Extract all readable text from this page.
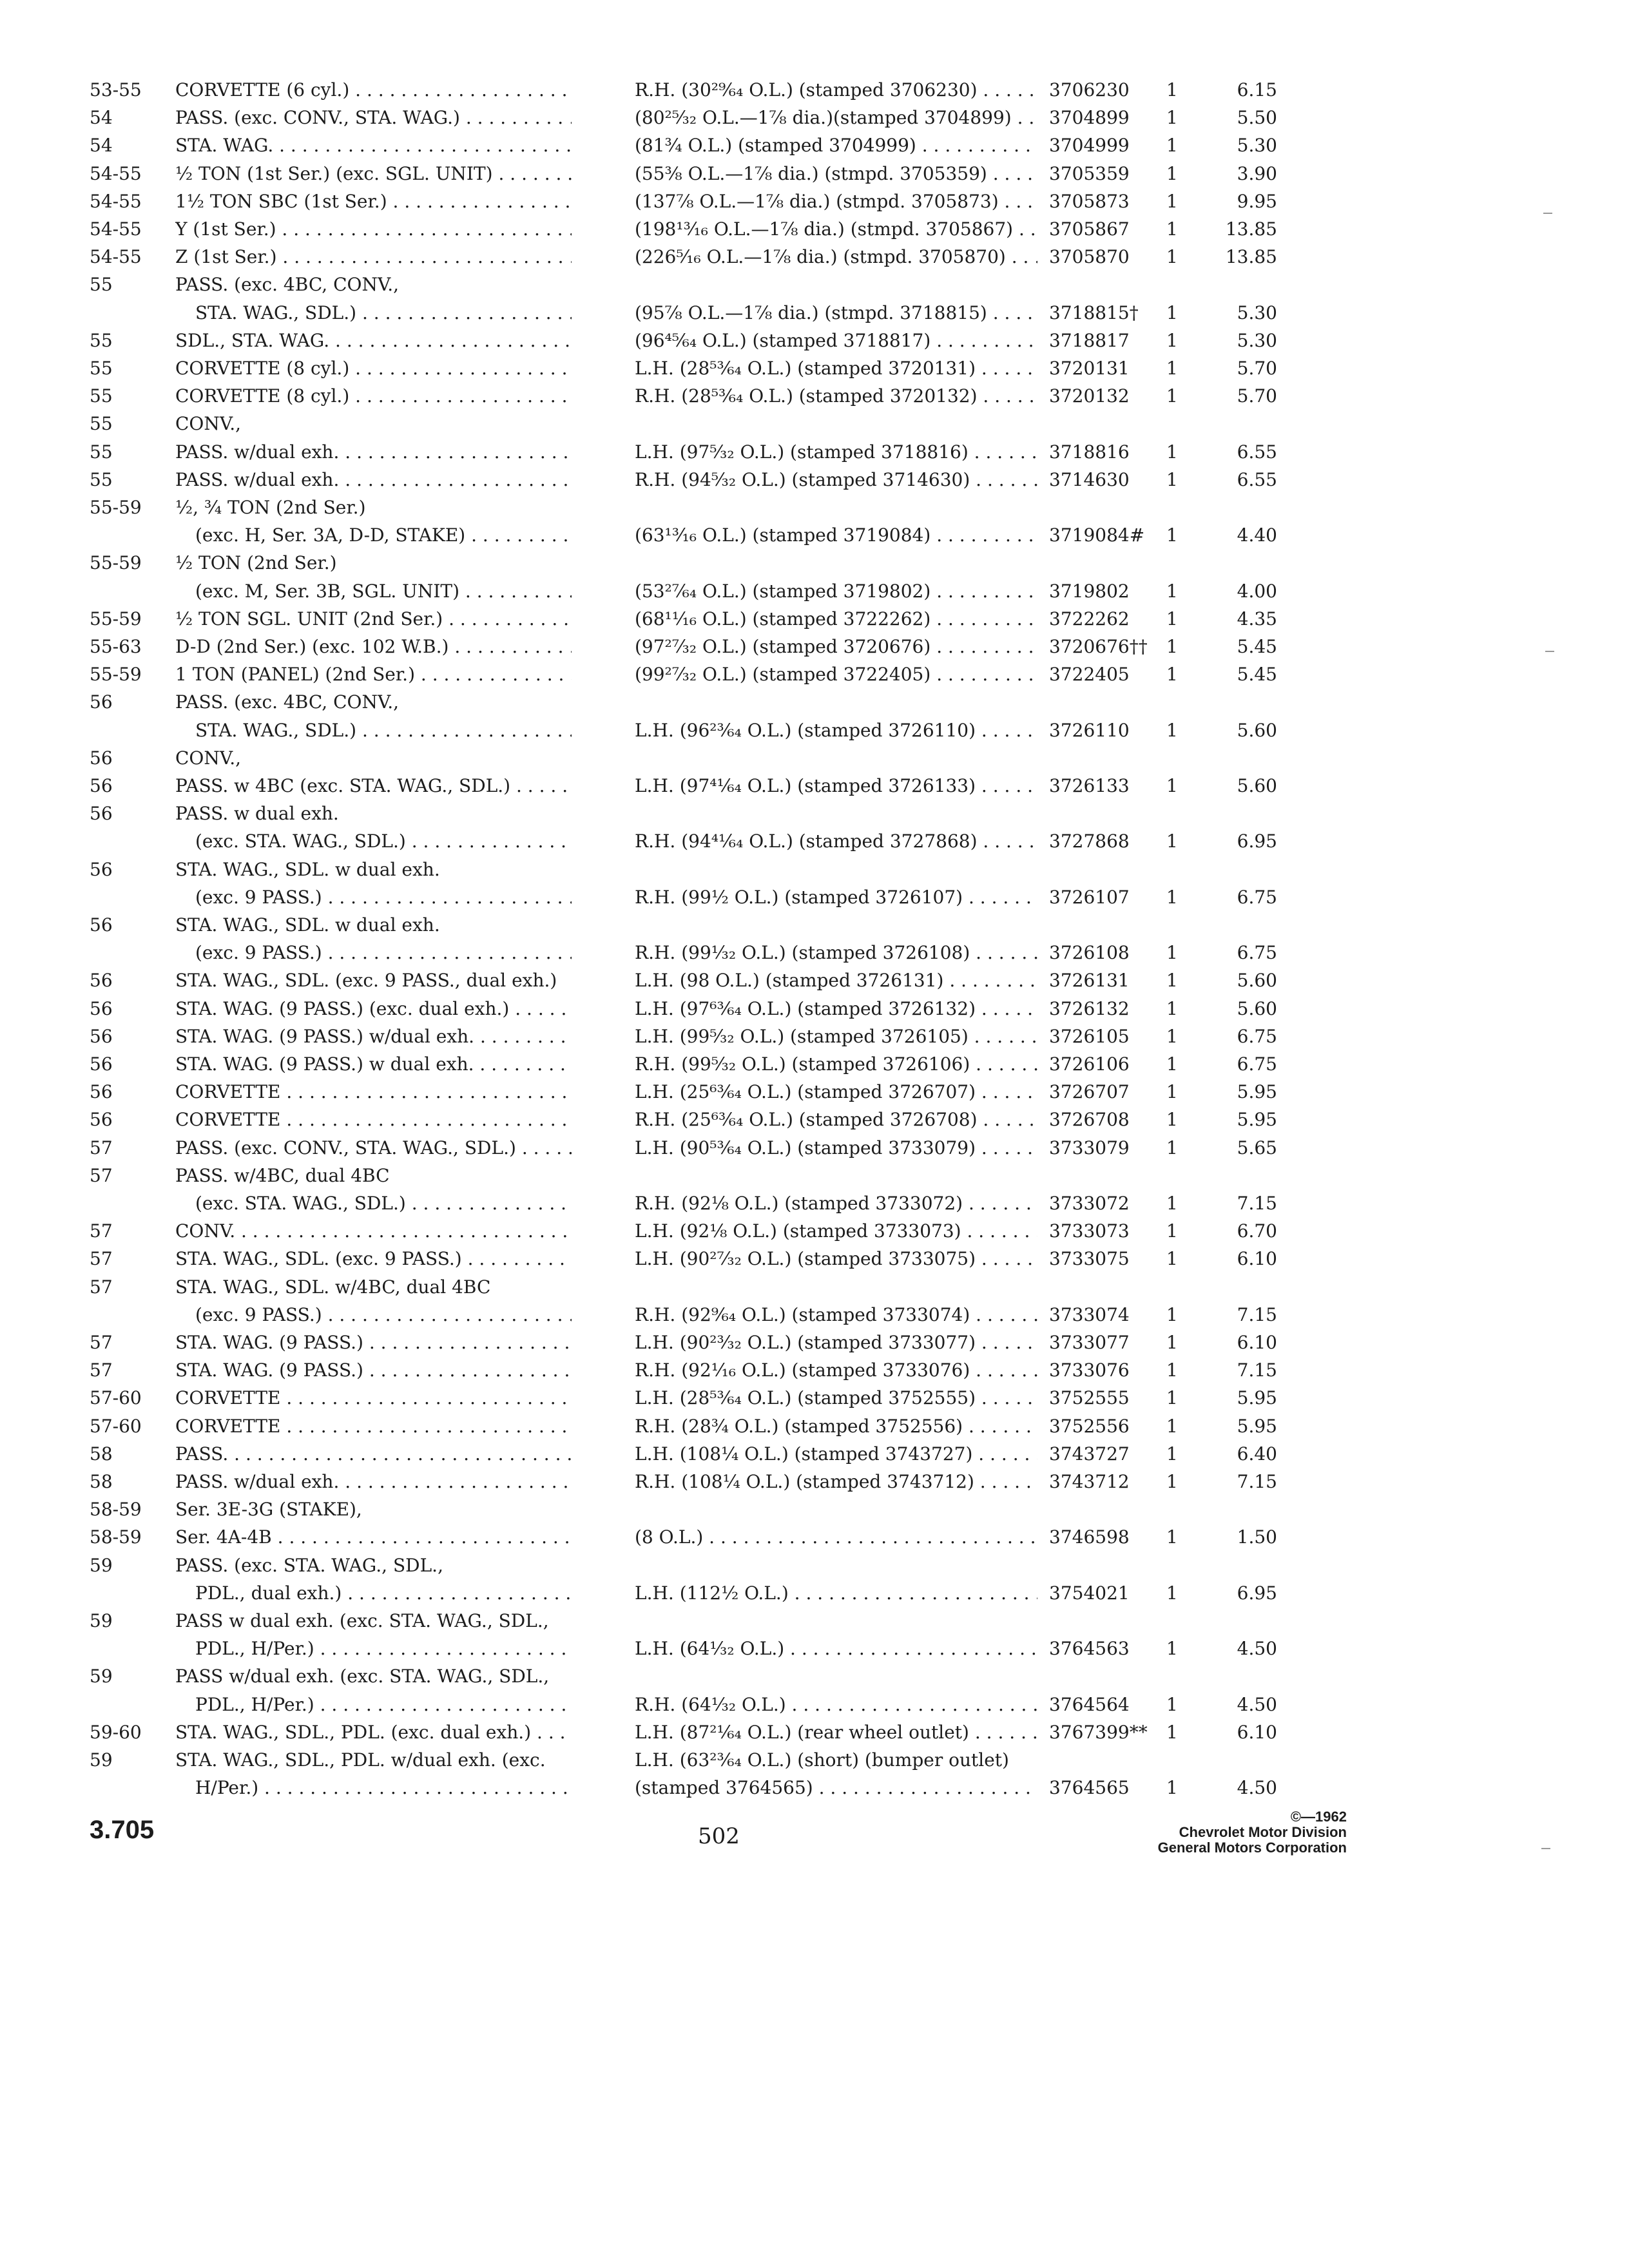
53-55 CORVETTE (6 cyl.) . . .	R.H. (30²⁹⁄₆₄ O.L.) (stamped 3706230) . . .	3706230 1	6.15
54	PASS. (exc. CONV., STA. WAG.) . . .	(80²⁵⁄₃₂ O.L.—1⅞ dia.)(stamped 3704899) . . .	3704899 1	5.50
54	STA. WAG. . . .	(81¾ O.L.) (stamped 3704999) . . .	3704999 1	5.30
54-55 ½ TON (1st Ser.) (exc. SGL. UNIT) . . .	(55⅜ O.L.—1⅞ dia.) (stmpd. 3705359) . . .	3705359 1	3.90
54-55 1½ TON SBC (1st Ser.) . . .	(137⅞ O.L.—1⅞ dia.) (stmpd. 3705873) . . .	3705873 1	9.95
54-55 Y (1st Ser.) . . .	(198¹³⁄₁₆ O.L.—1⅞ dia.) (stmpd. 3705867) . . .	3705867 1	13.85
54-55 Z (1st Ser.) . . .	(226⁵⁄₁₆ O.L.—1⅞ dia.) (stmpd. 3705870) . . .	3705870 1	13.85
55	PASS. (exc. 4BC, CONV.,
STA. WAG., SDL.) . . .	(95⅞ O.L.—1⅞ dia.) (stmpd. 3718815) . . .	3718815† 1	5.30
55	SDL., STA. WAG. . . .	(96⁴⁵⁄₆₄ O.L.) (stamped 3718817) . . .	3718817 1	5.30
55	CORVETTE (8 cyl.) . . .	L.H. (28⁵³⁄₆₄ O.L.) (stamped 3720131) . . .	3720131 1	5.70
55	CORVETTE (8 cyl.) . . .	R.H. (28⁵³⁄₆₄ O.L.) (stamped 3720132) . . .	3720132 1	5.70
55	CONV.,
55	PASS. w/dual exh. . . .	L.H. (97⁵⁄₃₂ O.L.) (stamped 3718816) . . .	3718816 1	6.55
55	PASS. w/dual exh. . . .	R.H. (94⁵⁄₃₂ O.L.) (stamped 3714630) . . .	3714630 1	6.55
55-59 ½, ¾ TON (2nd Ser.)
(exc. H, Ser. 3A, D-D, STAKE) . . .	(63¹³⁄₁₆ O.L.) (stamped 3719084) . . .	3719084# 1	4.40
55-59 ½ TON (2nd Ser.)
(exc. M, Ser. 3B, SGL. UNIT) . . .	(53²⁷⁄₆₄ O.L.) (stamped 3719802) . . .	3719802 1	4.00
55-59 ½ TON SGL. UNIT (2nd Ser.) . . .	(68¹¹⁄₁₆ O.L.) (stamped 3722262) . . .	3722262 1	4.35
55-63 D-D (2nd Ser.) (exc. 102 W.B.) . . .	(97²⁷⁄₃₂ O.L.) (stamped 3720676) . . .	3720676†† 1	5.45
55-59 1 TON (PANEL) (2nd Ser.) . . .	(99²⁷⁄₃₂ O.L.) (stamped 3722405) . . .	3722405 1	5.45
56	PASS. (exc. 4BC, CONV.,
STA. WAG., SDL.) . . .	L.H. (96²³⁄₆₄ O.L.) (stamped 3726110) . . .	3726110 1	5.60
56	CONV.,
56	PASS. w 4BC (exc. STA. WAG., SDL.) . . .	L.H. (97⁴¹⁄₆₄ O.L.) (stamped 3726133) . . .	3726133 1	5.60
56	PASS. w dual exh.
(exc. STA. WAG., SDL.) . . .	R.H. (94⁴¹⁄₆₄ O.L.) (stamped 3727868) . . .	3727868 1	6.95
56	STA. WAG., SDL. w dual exh.
(exc. 9 PASS.) . . .	R.H. (99½ O.L.) (stamped 3726107) . . .	3726107 1	6.75
56	STA. WAG., SDL. w dual exh.
(exc. 9 PASS.) . . .	R.H. (99¹⁄₃₂ O.L.) (stamped 3726108) . . .	3726108 1	6.75
56	STA. WAG., SDL. (exc. 9 PASS., dual exh.)	L.H. (98 O.L.) (stamped 3726131) . . .	3726131 1	5.60
56	STA. WAG. (9 PASS.) (exc. dual exh.) . . .	L.H. (97⁶³⁄₆₄ O.L.) (stamped 3726132) . . .	3726132 1	5.60
56	STA. WAG. (9 PASS.) w/dual exh. . . .	L.H. (99⁵⁄₃₂ O.L.) (stamped 3726105) . . .	3726105 1	6.75
56	STA. WAG. (9 PASS.) w dual exh. . . .	R.H. (99⁵⁄₃₂ O.L.) (stamped 3726106) . . .	3726106 1	6.75
56	CORVETTE . . .	L.H. (25⁶³⁄₆₄ O.L.) (stamped 3726707) . . .	3726707 1	5.95
56	CORVETTE . . .	R.H. (25⁶³⁄₆₄ O.L.) (stamped 3726708) . . .	3726708 1	5.95
57	PASS. (exc. CONV., STA. WAG., SDL.) . . .	L.H. (90⁵³⁄₆₄ O.L.) (stamped 3733079) . . .	3733079 1	5.65
57	PASS. w/4BC, dual 4BC
(exc. STA. WAG., SDL.) . . .	R.H. (92⅛ O.L.) (stamped 3733072) . . .	3733072 1	7.15
57	CONV. . . .	L.H. (92⅛ O.L.) (stamped 3733073) . . .	3733073 1	6.70
57	STA. WAG., SDL. (exc. 9 PASS.) . . .	L.H. (90²⁷⁄₃₂ O.L.) (stamped 3733075) . . .	3733075 1	6.10
57	STA. WAG., SDL. w/4BC, dual 4BC
(exc. 9 PASS.) . . .	R.H. (92⁹⁄₆₄ O.L.) (stamped 3733074) . . .	3733074 1	7.15
57	STA. WAG. (9 PASS.) . . .	L.H. (90²³⁄₃₂ O.L.) (stamped 3733077) . . .	3733077 1	6.10
57	STA. WAG. (9 PASS.) . . .	R.H. (92¹⁄₁₆ O.L.) (stamped 3733076) . . .	3733076 1	7.15
57-60 CORVETTE . . .	L.H. (28⁵³⁄₆₄ O.L.) (stamped 3752555) . . .	3752555 1	5.95
57-60 CORVETTE . . .	R.H. (28¾ O.L.) (stamped 3752556) . . .	3752556 1	5.95
58	PASS. . . .	L.H. (108¼ O.L.) (stamped 3743727) . . .	3743727 1	6.40
58	PASS. w/dual exh. . . .	R.H. (108¼ O.L.) (stamped 3743712) . . .	3743712 1	7.15
58-59 Ser. 3E-3G (STAKE),
58-59 Ser. 4A-4B . . .	(8 O.L.) . . .	3746598 1	1.50
59	PASS. (exc. STA. WAG., SDL.,
PDL., dual exh.) . . .	L.H. (112½ O.L.) . . .	3754021 1	6.95
59	PASS w dual exh. (exc. STA. WAG., SDL.,
PDL., H/Per.) . . .	L.H. (64¹⁄₃₂ O.L.) . . .	3764563 1	4.50
59	PASS w/dual exh. (exc. STA. WAG., SDL.,
PDL., H/Per.) . . .	R.H. (64¹⁄₃₂ O.L.) . . .	3764564 1	4.50
59-60 STA. WAG., SDL., PDL. (exc. dual exh.) . . .	L.H. (87²¹⁄₆₄ O.L.) (rear wheel outlet) . . .	3767399** 1	6.10
59	STA. WAG., SDL., PDL. w/dual exh. (exc.	L.H. (63²³⁄₆₄ O.L.) (short) (bumper outlet)
H/Per.) . . .	(stamped 3764565) . . .	3764565 1	4.50
3.705	502
©—1962
Chevrolet Motor Division
General Motors Corporation
